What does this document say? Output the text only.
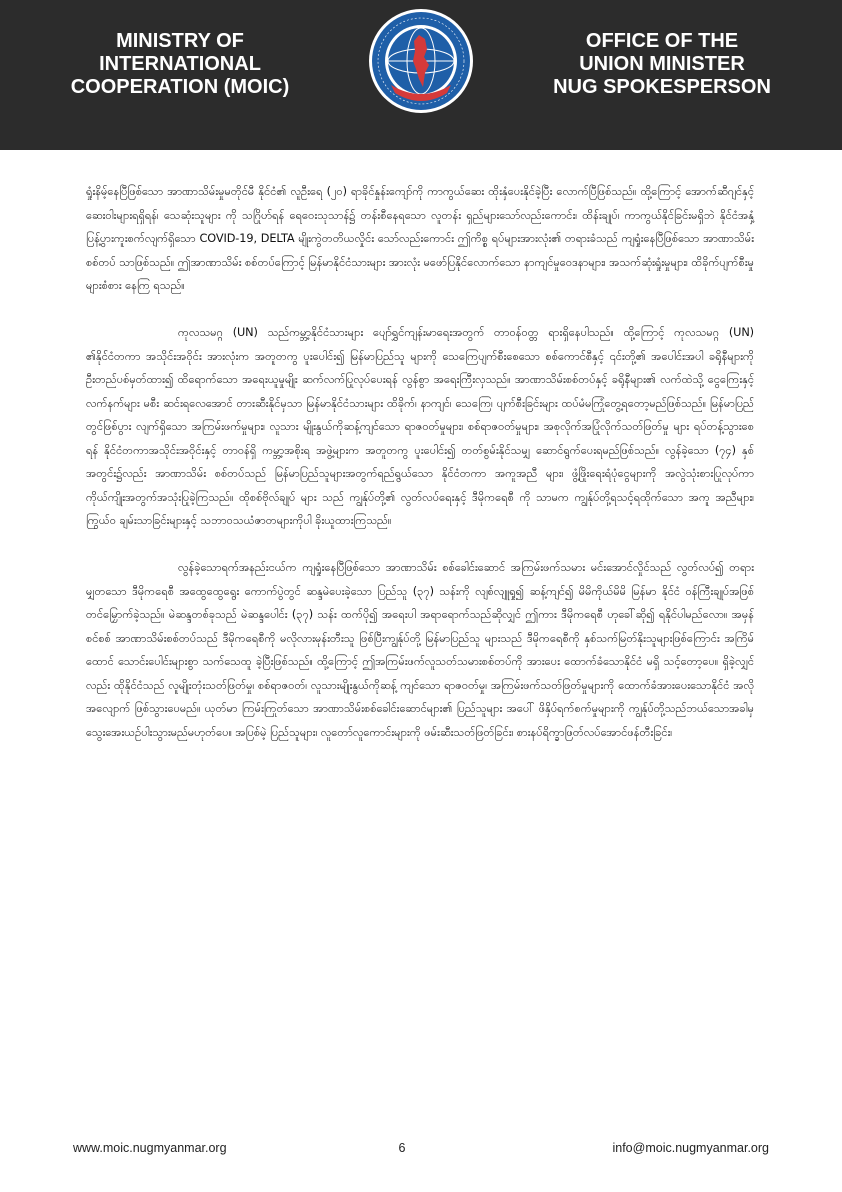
MINISTRY OF
INTERNATIONAL
COOPERATION (MOIC)
OFFICE OF THE
UNION MINISTER
NUG SPOKESPERSON

ရှုံးနိမ့်နေပြီဖြစ်သော အာဏာသိမ်းမှုမတိုင်မီ နိုင်ငံ၏ လူဦးရေ (၂၀) ရာခိုင်နှုန်းကျော်ကို ကာကွယ်ဆေး ထိုးနှံပေးနိုင်ခဲ့ပြီး လောက်ပြီဖြစ်သည်။ ထို့ကြောင့် အောက်ဆီဂျင်နှင့် ဆေးဝါးများရရှိရန်၊ သေဆုံးသူများ ကို သဂြိုဟ်ရန် ရေဝေးသုသာန်၌ တန်းစီနေရသော လူတန်း ရှည်များသော်လည်းကောင်း၊ ထိန်းချုပ်၊ ကာကွယ်နိုင်ခြင်းမရှိဘဲ နိုင်ငံအနှံ့ပြန့်ပွားကူးစက်လျက်ရှိသော COVID-19, DELTA မျိုးကွဲတတိယလှိုင်း သော်လည်းကောင်း ဤကိစ္စ ရပ်များအားလုံး၏ တရားခံသည် ကျရှုံးနေပြီဖြစ်သော အာဏာသိမ်း စစ်တပ် သာဖြစ်သည်။ ဤအာဏာသိမ်း စစ်တပ်ကြောင့် မြန်မာနိုင်ငံသားများ အားလုံး မဖော်ပြနိုင်လောက်သော နာကျင်မှုဝေဒနာများ၊ အသက်ဆုံးရှုံးမှုများ၊ ထိခိုက်ပျက်စီးမှုများစံစား နေကြ ရသည်။

ကုလသမဂ္ဂ (UN) သည်ကမ္ဘာ့နိုင်ငံသားများ ပျော်ရွှင်ကျန်းမာရေးအတွက် တာဝန်ဝတ္တ ရားရှိနေပါသည်။ ထို့ကြောင့် ကုလသမဂ္ဂ (UN) ၏နိုင်ငံတကာ အသိုင်းအဝိုင်း အားလုံးက အတူတကွ ပူးပေါင်း၍ မြန်မာပြည်သူ များကို သေကြေပျက်စီးစေသော စစ်ကောင်စီနှင့် ၎င်းတို့၏ အပေါင်းအပါ ခရိုနီများကို ဦးတည်ပစ်မှတ်ထား၍ ထိရောက်သော အရေးယူမှုမျိုး ဆက်လက်ပြုလုပ်ပေးရန် လွန်စွာ အရေးကြီးလှသည်။ အာဏာသိမ်းစစ်တပ်နှင့် ခရိုနီများ၏ လက်ထဲသို့ ငွေကြေးနှင့်လက်နက်များ မစီး ဆင်းရလေအောင် တားဆီးနိုင်မှသာ မြန်မာနိုင်ငံသားများ ထိခိုက်၊ နာကျင်၊ သေကြေ၊ ပျက်စီးခြင်းများ ထပ်မံမကြုံတွေ့ရတော့မည်ဖြစ်သည်။ မြန်မာပြည်တွင်ဖြစ်ပွား လျက်ရှိသော အကြမ်းဖက်မှုများ၊ လူသား မျိုးနွယ်ကိုဆန့်ကျင်သော ရာဇဝတ်မှုများ၊ စစ်ရာဇဝတ်မှုများ၊ အစုလိုက်အပြုံလိုက်သတ်ဖြတ်မှု များ ရပ်တန့်သွားစေရန် နိုင်ငံတကာအသိုင်းအဝိုင်းနှင့် တာဝန်ရှိ ကမ္ဘာ့အစိုးရ အဖွဲ့များက အတူတကွ ပူးပေါင်း၍ တတ်စွမ်းနိုင်သမျှ ဆောင်ရွက်ပေးရမည်ဖြစ်သည်။ လွန်ခဲ့သော (၇၄) နှစ် အတွင်း၌လည်း အာဏာသိမ်း စစ်တပ်သည် မြန်မာပြည်သူများအတွက်ရည်ရွယ်သော နိုင်ငံတကာ အကူအညီ များ၊ ဖွံ့ဖြိုးရေးရံပုံငွေများကို အလွဲသုံးစားပြုလုပ်ကာ ကိုယ်ကျိုးအတွက်အသုံးပြုခဲ့ကြသည်။ ထိုစစ်ဗိုလ်ချုပ် များ သည် ကျွန်ုပ်တို့၏ လွတ်လပ်ရေးနှင့် ဒီမိုကရေစီ ကို သာမက ကျွန်ုပ်တို့ရသင့်ရထိုက်သော အကူ အညီများ၊ ကြွယ်ဝ ချမ်းသာခြင်းများနှင့် သဘာဝသယံဇာတများကိုပါ ခိုးယူထားကြသည်။

လွန်ခဲ့သောရက်အနည်းငယ်က ကျရှုံးနေပြီဖြစ်သော အာဏာသိမ်း စစ်ခေါင်းဆောင် အကြမ်းဖက်သမား မင်းအောင်လှိုင်သည် လွတ်လပ်၍ တရားမျှတသော ဒီမိုကရေစီ အထွေထွေရွေး ကောက်ပွဲတွင် ဆန္ဒမဲပေးခဲ့သော ပြည်သူ (၃၇) သန်းကို လျစ်လျူရှု၍ ဆန့်ကျင်၍ မိမိကိုယ်မိမိ မြန်မာ နိုင်ငံ ဝန်ကြီးချုပ်အဖြစ်တင်မြှောက်ခဲ့သည်။ မဲဆန္ဒတစ်ခုသည် မဲဆန္ဒပေါင်း (၃၇) သန်း ထက်ပို၍ အရေးပါ အရာရောက်သည်ဆိုလျှင် ဤကား ဒီမိုကရေစီ ဟုခေါ်ဆို၍ ရနိုင်ပါမည်လော။ အမှန်စင်စစ် အာဏာသိမ်းစစ်တပ်သည် ဒီမိုကရေစီကို မလိုလားမုန်းတီးသူ ဖြစ်ပြီးကျွန်ုပ်တို့ မြန်မာပြည်သူ များသည် ဒီမိုကရေစီကို နှစ်သက်မြတ်နိုးသူများဖြစ်ကြောင်း အကြိမ်ထောင် သောင်းပေါင်းများစွာ သက်သေထူ ခဲ့ပြီးဖြစ်သည်။ ထို့ကြောင့် ဤအကြမ်းဖက်လူသတ်သမားစစ်တပ်ကို အားပေး ထောက်ခံသောနိုင်ငံ မရှိ သင့်တော့ပေ။ ရှိခဲ့လျှင်လည်း ထိုနိုင်ငံသည် လူမျိုးတုံးသတ်ဖြတ်မှု၊ စစ်ရာဇဝတ်၊ လူသားမျိုးနွယ်ကိုဆန့် ကျင်သော ရာဇဝတ်မှု၊ အကြမ်းဖက်သတ်ဖြတ်မှုများကို ထောက်ခံအားပေးသောနိုင်ငံ အလို အလျောက် ဖြစ်သွားပေမည်။ ယုတ်မာ ကြမ်းကြုတ်သော အာဏာသိမ်းစစ်ခေါင်းဆောင်များ၏ ပြည်သူများ အပေါ် ဖိနှိပ်ရက်စက်မှုများကို ကျွန်ုပ်တို့သည်ဘယ်သောအခါမှ သွေးအေးယဉ်ပါးသွားမည်မဟုတ်ပေ။ အပြစ်မဲ့ ပြည်သူများ၊ လူတော်လူကောင်းများကို ဖမ်းဆီးသတ်ဖြတ်ခြင်း၊ စားနပ်ရိက္ခာဖြတ်လပ်အောင်ဖန်တီးခြင်း၊

www.moic.nugmyanmar.org	6	info@moic.nugmyanmar.org
